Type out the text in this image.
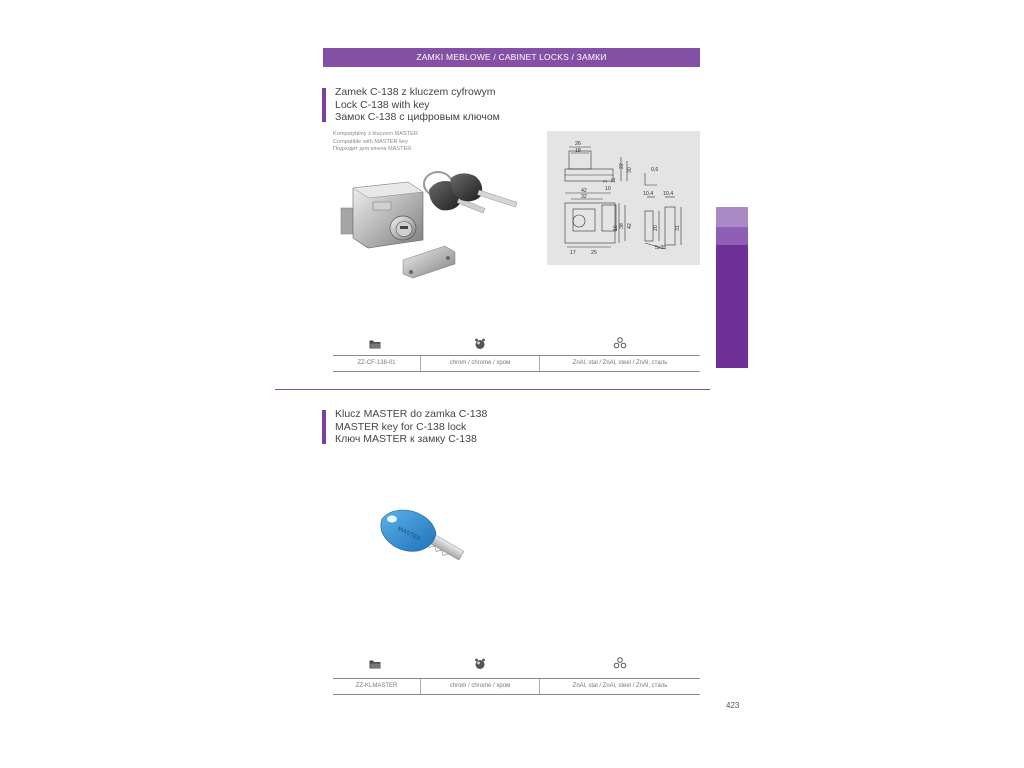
ZAMKI MEBLOWE / CABINET LOCKS / ЗАМКИ
Zamek C-138 z kluczem cyfrowym
Lock C-138 with key
Замок C-138 с цифровым ключом
Kompatybilny z kluczem MASTER
Compatible with MASTER key
Подходит для ключа MASTER
26
18
22
30
11
3
0,6
42
32
10
10,4 10,4
16 38 42	20	31
17	25
5x35
ZZ-CF-138-01	chrom / chrome / хром	ZnAl, stal / ZnAl, steel / ZnAl, сталь
Klucz MASTER do zamka C-138
MASTER key for C-138 lock
Ключ MASTER к замку C-138
MASTER
ZZ-KLMASTER	chrom / chrome / хром	ZnAl, stal / ZnAl, steel / ZnAl, сталь
423
